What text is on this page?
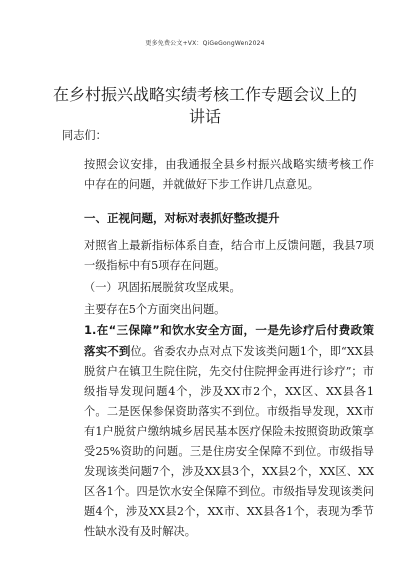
更多免费公文+VX：QiGeGongWen2024
在乡村振兴战略实绩考核工作专题会议上的讲话

同志们：

按照会议安排，由我通报全县乡村振兴战略实绩考核工作中存在的问题，并就做好下步工作讲几点意见。

一、正视问题，对标对表抓好整改提升

对照省上最新指标体系自查，结合市上反馈问题，我县7项一级指标中有5项存在问题。

（一）巩固拓展脱贫攻坚成果。

主要存在5个方面突出问题。

1.在“三保障”和饮水安全方面，一是先诊疗后付费政策落实不到位。省委农办点对点下发该类问题1个，即“XX县脱贫户在镇卫生院住院，先交付住院押金再进行诊疗”；市级指导发现问题4个，涉及XX市2个，XX区、XX县各1个。二是医保参保资助落实不到位。市级指导发现，XX市有1户脱贫户缴纳城乡居民基本医疗保险未按照资助政策享受25%资助的问题。三是住房安全保障不到位。市级指导发现该类问题7个，涉及XX县3个，XX县2个，XX区、XX区各1个。四是饮水安全保障不到位。市级指导发现该类问题4个，涉及XX县2个，XX市、XX县各1个，表现为季节性缺水没有及时解决。
